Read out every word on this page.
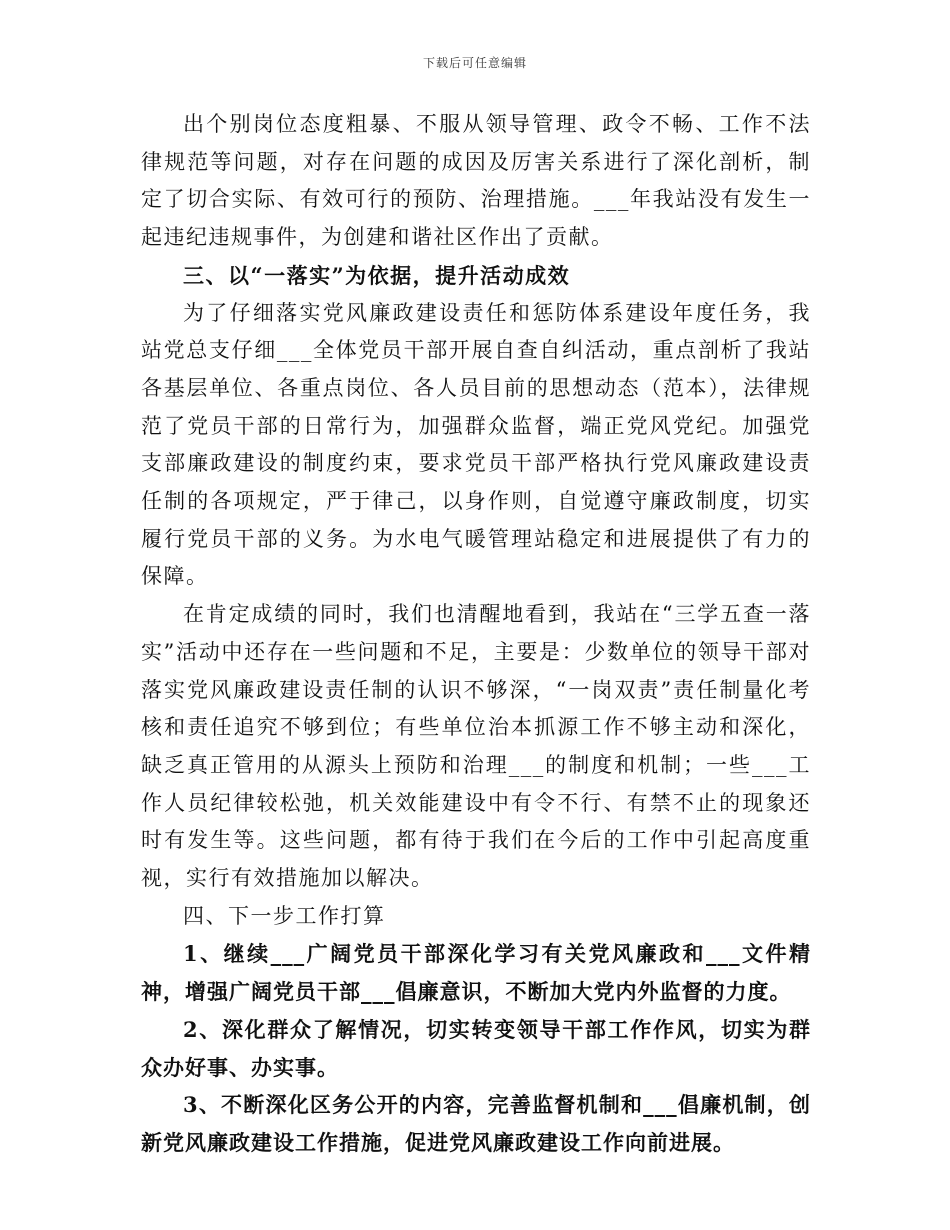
下载后可任意编辑

出个别岗位态度粗暴、不服从领导管理、政令不畅、工作不法律规范等问题，对存在问题的成因及厉害关系进行了深化剖析，制定了切合实际、有效可行的预防、治理措施。___年我站没有发生一起违纪违规事件，为创建和谐社区作出了贡献。

三、以“一落实”为依据，提升活动成效

为了仔细落实党风廉政建设责任和惩防体系建设年度任务，我站党总支仔细___全体党员干部开展自查自纠活动，重点剖析了我站各基层单位、各重点岗位、各人员目前的思想动态（范本），法律规范了党员干部的日常行为，加强群众监督，端正党风党纪。加强党支部廉政建设的制度约束，要求党员干部严格执行党风廉政建设责任制的各项规定，严于律己，以身作则，自觉遵守廉政制度，切实履行党员干部的义务。为水电气暖管理站稳定和进展提供了有力的保障。

在肯定成绩的同时，我们也清醒地看到，我站在“三学五查一落实”活动中还存在一些问题和不足，主要是：少数单位的领导干部对落实党风廉政建设责任制的认识不够深，“一岗双责”责任制量化考核和责任追究不够到位；有些单位治本抓源工作不够主动和深化，缺乏真正管用的从源头上预防和治理___的制度和机制；一些___工作人员纪律较松弛，机关效能建设中有令不行、有禁不止的现象还时有发生等。这些问题，都有待于我们在今后的工作中引起高度重视，实行有效措施加以解决。

四、下一步工作打算

1、继续___广阔党员干部深化学习有关党风廉政和___文件精神，增强广阔党员干部___倡廉意识，不断加大党内外监督的力度。

2、深化群众了解情况，切实转变领导干部工作作风，切实为群众办好事、办实事。

3、不断深化区务公开的内容，完善监督机制和___倡廉机制，创新党风廉政建设工作措施，促进党风廉政建设工作向前进展。
